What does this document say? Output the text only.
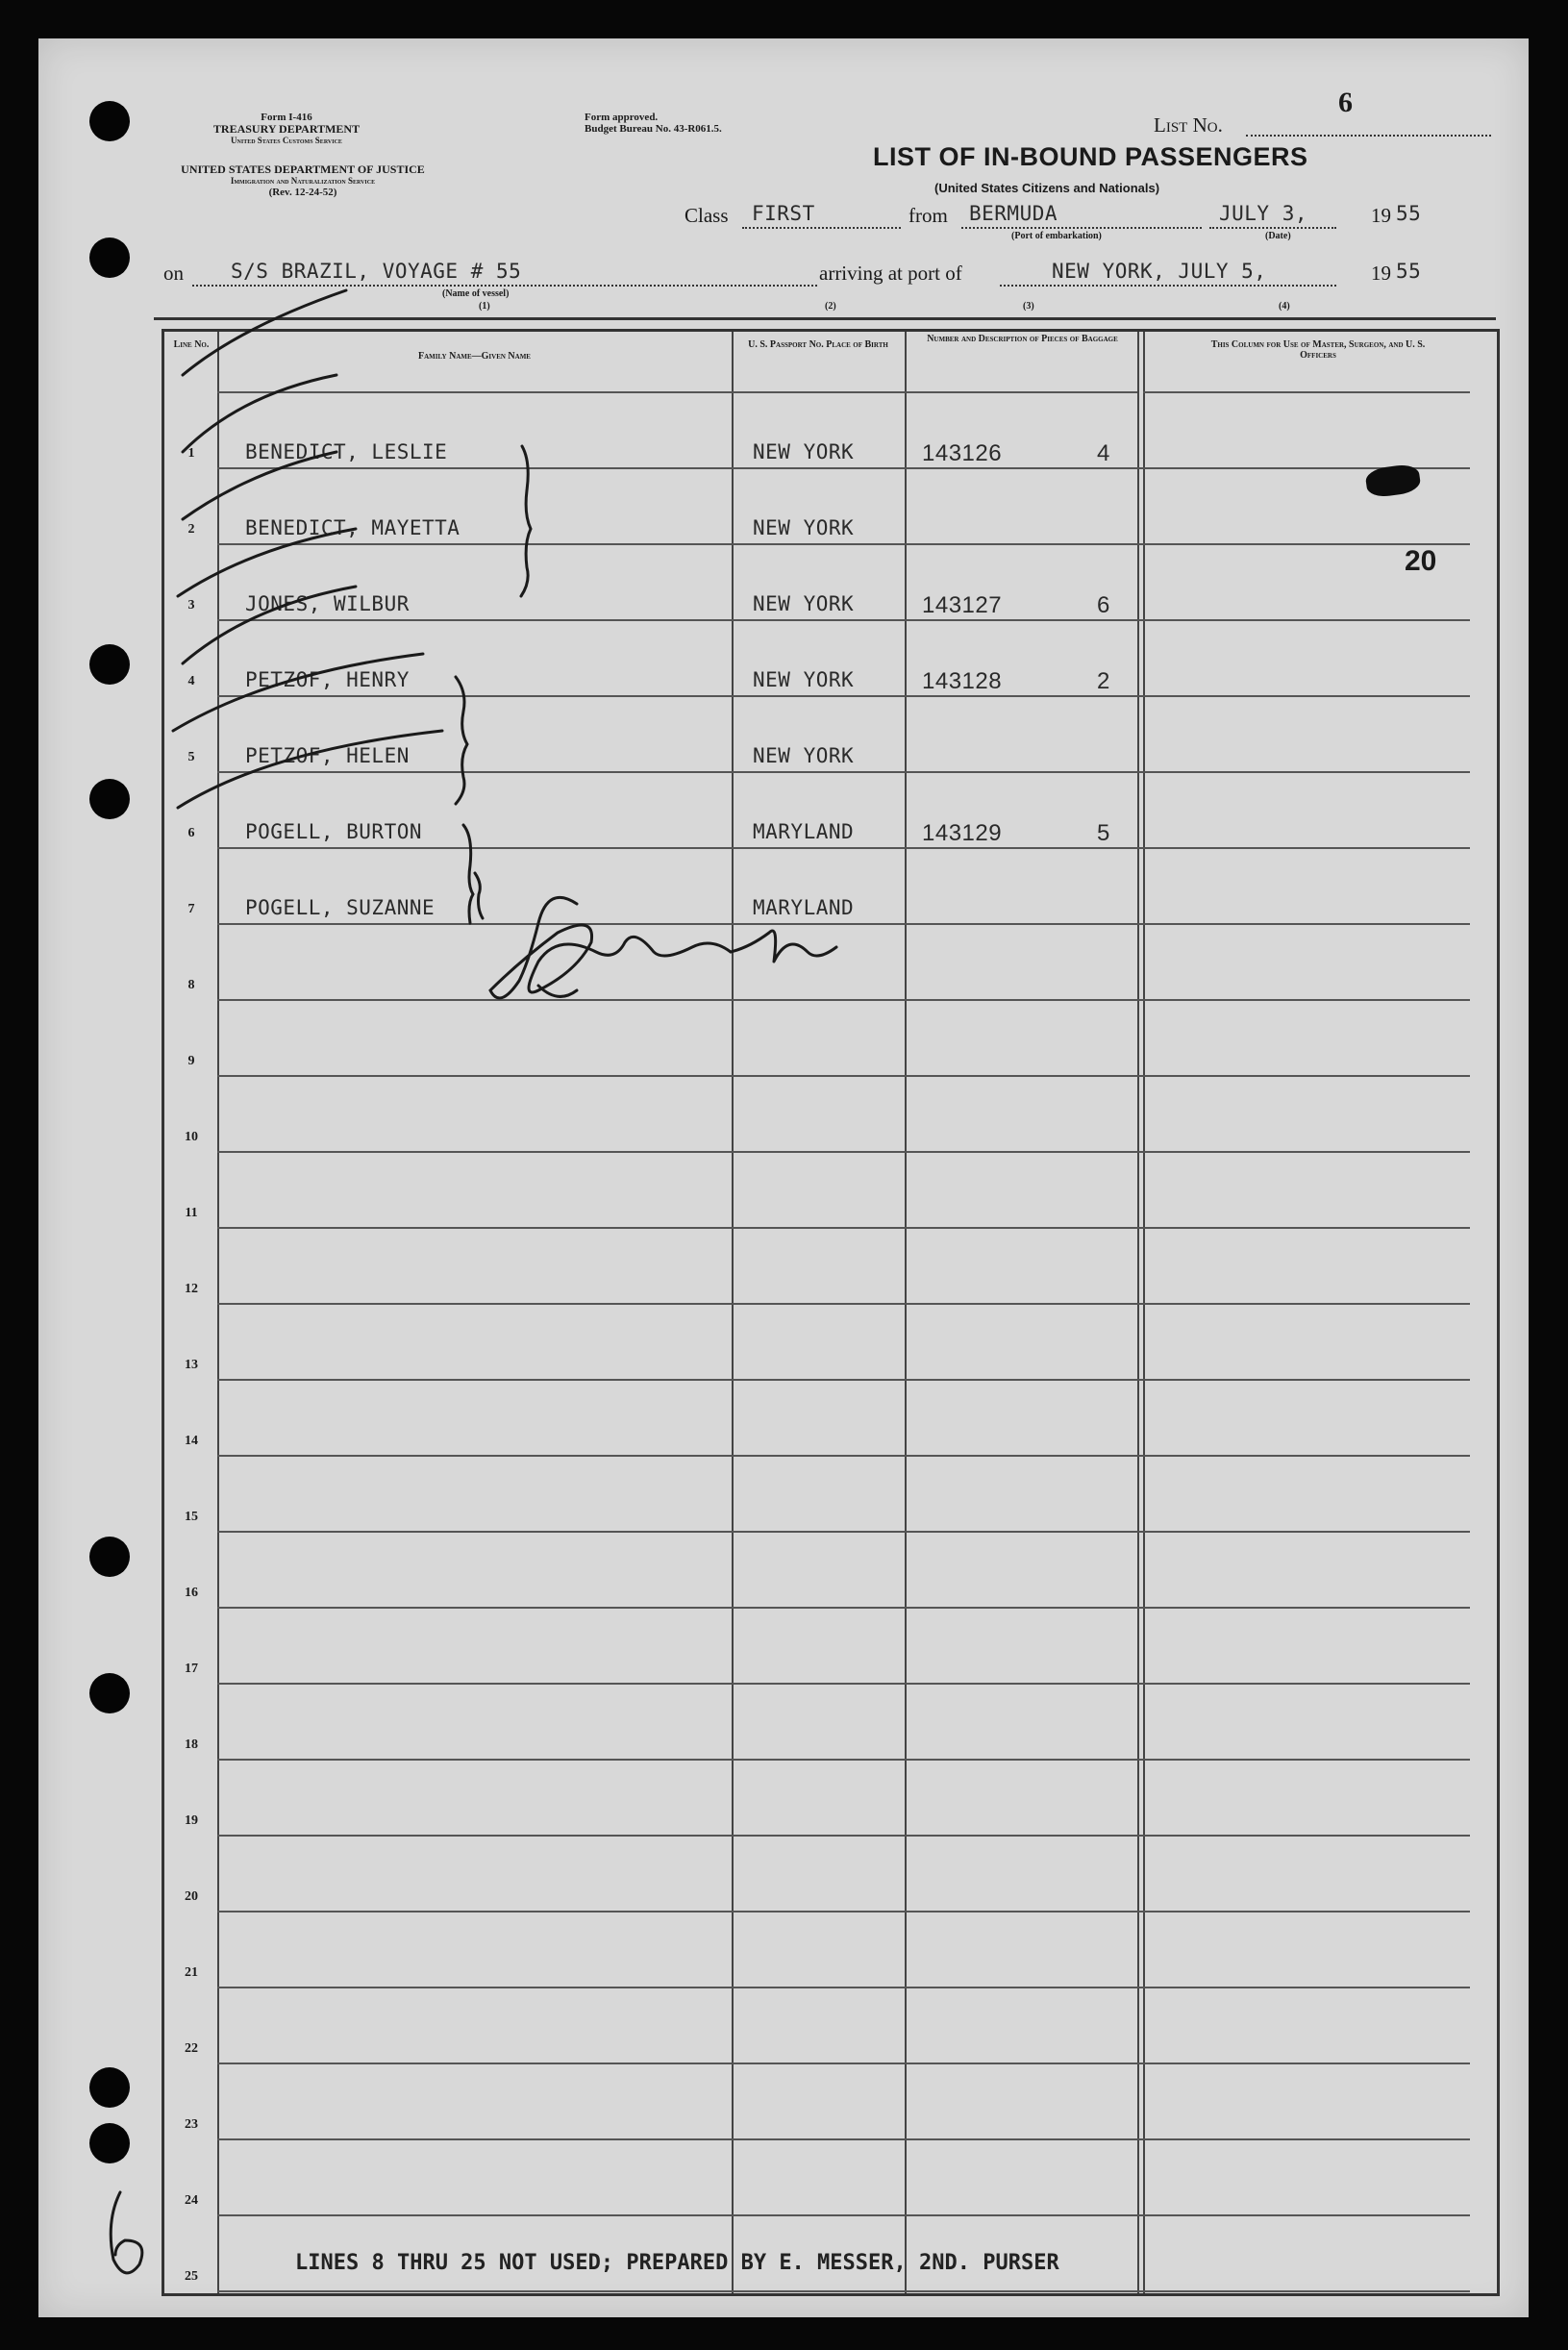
Form I-416
TREASURY DEPARTMENT
United States Customs Service
UNITED STATES DEPARTMENT OF JUSTICE
Immigration and Naturalization Service
(Rev. 12-24-52)
Form approved.
Budget Bureau No. 43-R061.5.	List No.
6
LIST OF IN-BOUND PASSENGERS
(United States Citizens and Nationals)
Class FIRST	from BERMUDA
(Port of embarkation)
JULY 3,
(Date)
19 55
on S/S BRAZIL, VOYAGE # 55
(Name of vessel)
(1)
arriving at port of	NEW YORK, JULY 5,	19 55
(2)	(3)	(4)
Line No.
Family Name—Given Name
U. S. Passport No. Place of Birth
Number and Description of Pieces of Baggage
This Column for Use of Master, Surgeon, and U. S. Officers
1	BENEDICT, LESLIE	NEW YORK	143126	4
2	BENEDICT, MAYETTA	NEW YORK
3	JONES, WILBUR	NEW YORK	143127	6
4	PETZOF, HENRY	NEW YORK	143128	2
5	PETZOF, HELEN	NEW YORK
6	POGELL, BURTON	MARYLAND	143129	5
7	POGELL, SUZANNE	MARYLAND
8
9
10
11
12
13
14
15
16
17
18
19
20
21
22
23
24
25
20
LINES 8 THRU 25 NOT USED; PREPARED BY E. MESSER, 2ND. PURSER
